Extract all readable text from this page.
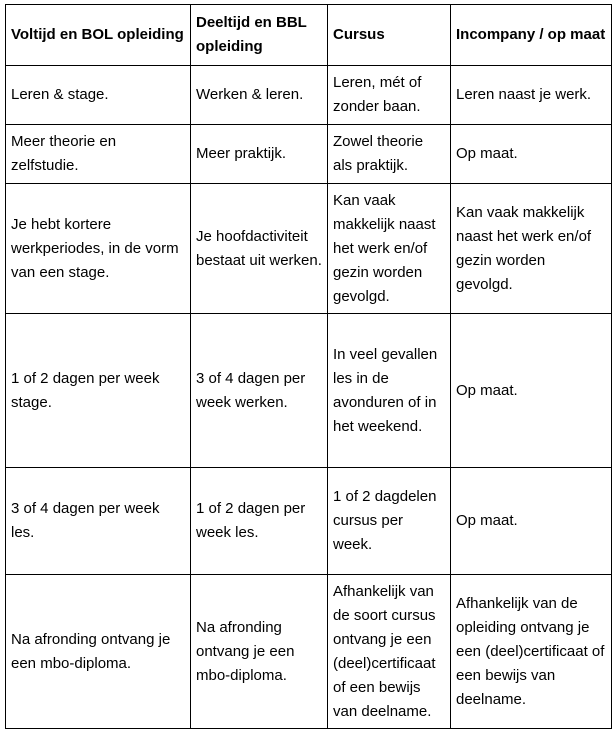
Voltijd en BOL opleiding	Deeltijd en BBL opleiding	Cursus	Incompany / op maat
Leren & stage.	Werken & leren.	Leren, mét of zonder baan.	Leren naast je werk.
Meer theorie en zelfstudie.	Meer praktijk.	Zowel theorie als praktijk.	Op maat.
Je hebt kortere werkperiodes, in de vorm van een stage.	Je hoofdactiviteit bestaat uit werken.	Kan vaak makkelijk naast het werk en/of gezin worden gevolgd.	Kan vaak makkelijk naast het werk en/of gezin worden gevolgd.
1 of 2 dagen per week stage.	3 of 4 dagen per week werken.	In veel gevallen les in de avonduren of in het weekend.	Op maat.
3 of 4 dagen per week les.	1 of 2 dagen per week les.	1 of 2 dagdelen cursus per week.	Op maat.
Na afronding ontvang je een mbo-diploma.	Na afronding ontvang je een mbo-diploma.	Afhankelijk van de soort cursus ontvang je een (deel)certificaat of een bewijs van deelname.	Afhankelijk van de opleiding ontvang je een (deel)certificaat of een bewijs van deelname.
